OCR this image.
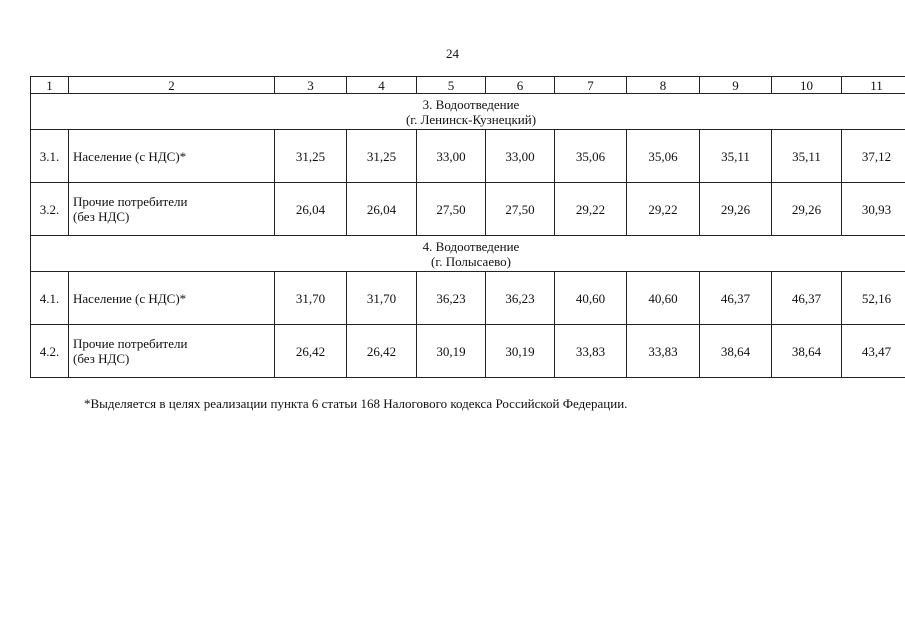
24
1	2	3	4	5	6	7	8	9	10	11

3. Водоотведение
(г. Ленинск-Кузнецкий)										

3.1.	Население (с НДС)*	31,25	31,25	33,00	33,00	35,06	35,06	35,11	35,11	37,12
3.2.	Прочие потребители
(без НДС)	26,04	26,04	27,50	27,50	29,22	29,22	29,26	29,26	30,93

4. Водоотведение
(г. Полысаево)										

4.1.	Население (с НДС)*	31,70	31,70	36,23	36,23	40,60	40,60	46,37	46,37	52,16
4.2.	Прочие потребители
(без НДС)	26,42	26,42	30,19	30,19	33,83	33,83	38,64	38,64	43,47
*Выделяется в целях реализации пункта 6 статьи 168 Налогового кодекса Российской Федерации.
